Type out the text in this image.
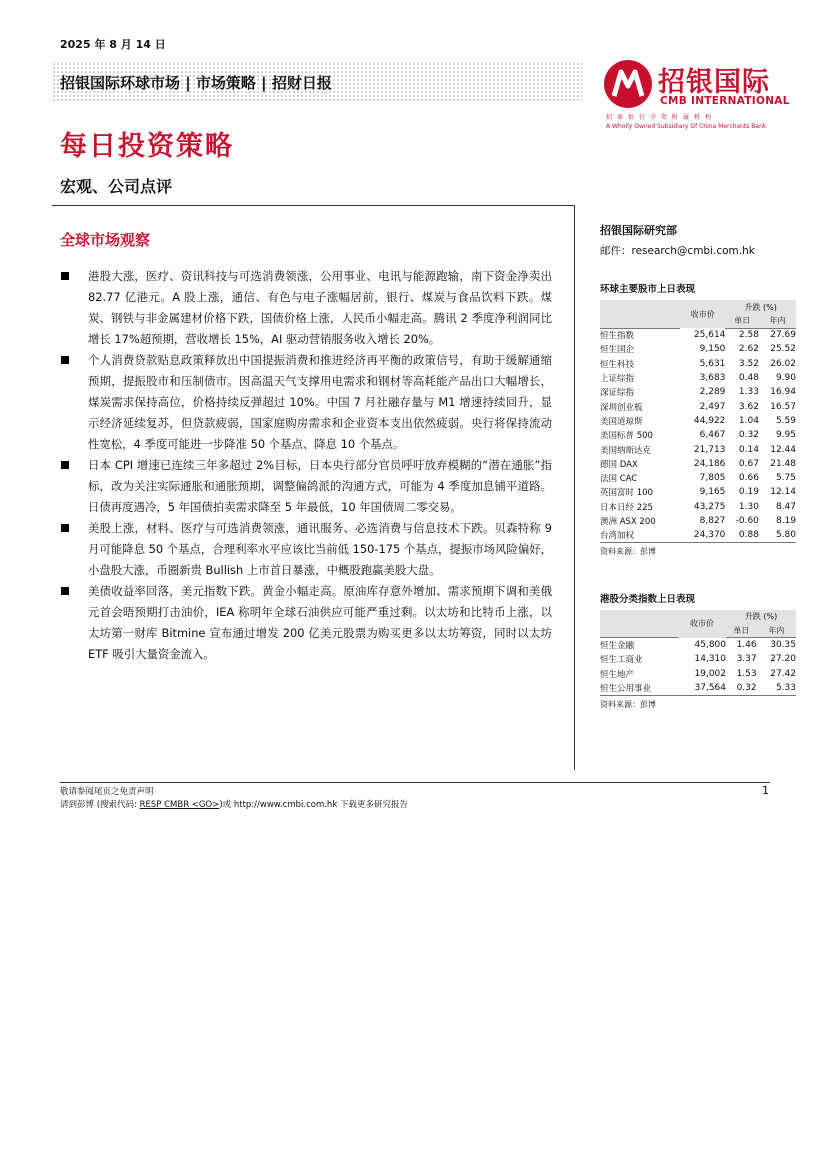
2025 年 8 月 14 日
招银国际环球市场 | 市场策略 | 招财日报	招银国际
CMB INTERNATIONAL
招商银行全资附属机构
A Wholly Owned Subsidiary Of China Merchants Bank
每日投资策略
宏观、公司点评
全球市场观察
港股大涨，医疗、资讯科技与可选消费领涨，公用事业、电讯与能源跑输，南下资金净卖出 82.77 亿港元。A 股上涨，通信、有色与电子涨幅居前，银行、煤炭与食品饮料下跌。煤炭、钢铁与非金属建材价格下跌，国债价格上涨，人民币小幅走高。腾讯 2 季度净利润同比增长 17%超预期，营收增长 15%，AI 驱动营销服务收入增长 20%。
个人消费贷款贴息政策释放出中国提振消费和推进经济再平衡的政策信号，有助于缓解通缩预期，提振股市和压制债市。因高温天气支撑用电需求和钢材等高耗能产品出口大幅增长，煤炭需求保持高位，价格持续反弹超过 10%。中国 7 月社融存量与 M1 增速持续回升，显示经济延续复苏，但贷款疲弱，国家庭购房需求和企业资本支出依然疲弱。央行将保持流动性宽松，4 季度可能进一步降准 50 个基点、降息 10 个基点。
日本 CPI 增速已连续三年多超过 2%目标，日本央行部分官员呼吁放弃模糊的“潜在通胀”指标，改为关注实际通胀和通胀预期，调整偏鸽派的沟通方式，可能为 4 季度加息铺平道路。日债再度遇冷，5 年国债拍卖需求降至 5 年最低，10 年国债周二零交易。
美股上涨，材料、医疗与可选消费领涨，通讯服务、必选消费与信息技术下跌。贝森特称 9 月可能降息 50 个基点，合理利率水平应该比当前低 150-175 个基点，提振市场风险偏好，小盘股大涨，币圈新贵 Bullish 上市首日暴涨，中概股跑赢美股大盘。
美债收益率回落，美元指数下跌。黄金小幅走高。原油库存意外增加、需求预期下调和美俄元首会晤预期打击油价，IEA 称明年全球石油供应可能严重过剩。以太坊和比特币上涨，以太坊第一财库 Bitmine 宣布通过增发 200 亿美元股票为购买更多以太坊筹资，同时以太坊 ETF 吸引大量资金流入。
招银国际研究部
邮件：research@cmbi.com.hk
环球主要股市上日表现
	收市价	升跌 (%)	
		单日	年内
恒生指数	25,614	2.58	27.69
恒生国企	9,150	2.62	25.52
恒生科技	5,631	3.52	26.02
上证综指	3,683	0.48	9.90
深证综指	2,289	1.33	16.94
深圳创业板	2,497	3.62	16.57
美国道琼斯	44,922	1.04	5.59
美国标普 500	6,467	0.32	9.95
美国纳斯达克	21,713	0.14	12.44
德国 DAX	24,186	0.67	21.48
法国 CAC	7,805	0.66	5.75
英国富时 100	9,165	0.19	12.14
日本日经 225	43,275	1.30	8.47
澳洲 ASX 200	8,827	-0.60	8.19
台湾加权	24,370	0.88	5.80
资料来源：彭博
港股分类指数上日表现
	收市价	升跌 (%)	
		单日	年内
恒生金融	45,800	1.46	30.35
恒生工商业	14,310	3.37	27.20
恒生地产	19,002	1.53	27.42
恒生公用事业	37,564	0.32	5.33
资料来源：彭博
敬请参阅尾页之免责声明
请到彭博 (搜索代码: RESP CMBR <GO>)或 http://www.cmbi.com.hk 下载更多研究报告
1
